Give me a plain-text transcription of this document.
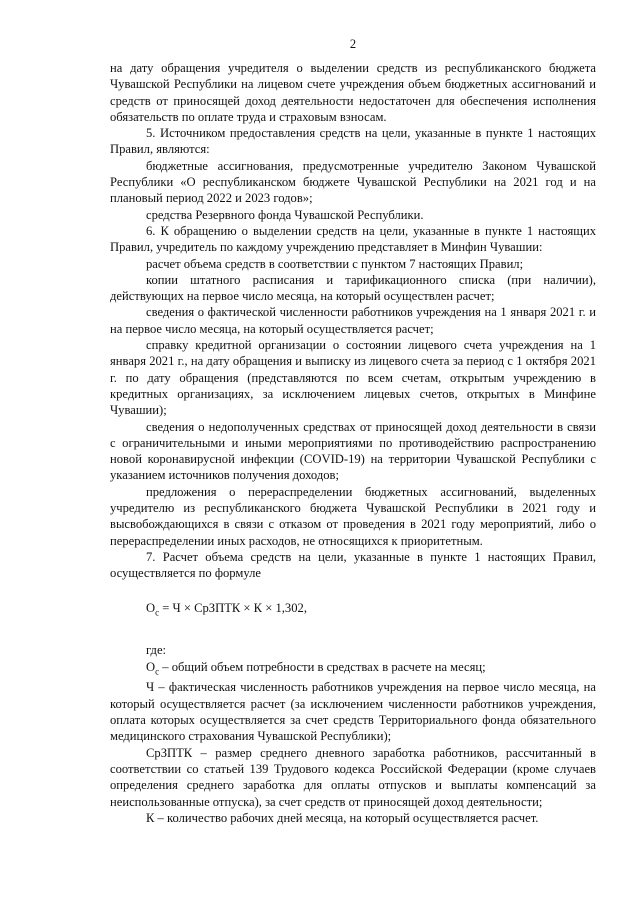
2

на дату обращения учредителя о выделении средств из республиканского бюджета Чувашской Республики на лицевом счете учреждения объем бюджетных ассигнований и средств от приносящей доход деятельности недостаточен для обеспечения исполнения обязательств по оплате труда и страховым взносам.

5. Источником предоставления средств на цели, указанные в пункте 1 настоящих Правил, являются:

бюджетные ассигнования, предусмотренные учредителю Законом Чувашской Республики «О республиканском бюджете Чувашской Республики на 2021 год и на плановый период 2022 и 2023 годов»;

средства Резервного фонда Чувашской Республики.

6. К обращению о выделении средств на цели, указанные в пункте 1 настоящих Правил, учредитель по каждому учреждению представляет в Минфин Чувашии:

расчет объема средств в соответствии с пунктом 7 настоящих Правил;

копии штатного расписания и тарификационного списка (при наличии), действующих на первое число месяца, на который осуществлен расчет;

сведения о фактической численности работников учреждения на 1 января 2021 г. и на первое число месяца, на который осуществляется расчет;

справку кредитной организации о состоянии лицевого счета учреждения на 1 января 2021 г., на дату обращения и выписку из лицевого счета за период с 1 октября 2021 г. по дату обращения (представляются по всем счетам, открытым учреждению в кредитных организациях, за исключением лицевых счетов, открытых в Минфине Чувашии);

сведения о недополученных средствах от приносящей доход деятельности в связи с ограничительными и иными мероприятиями по противодействию распространению новой коронавирусной инфекции (COVID-19) на территории Чувашской Республики с указанием источников получения доходов;

предложения о перераспределении бюджетных ассигнований, выделенных учредителю из республиканского бюджета Чувашской Республики в 2021 году и высвобождающихся в связи с отказом от проведения в 2021 году мероприятий, либо о перераспределении иных расходов, не относящихся к приоритетным.

7. Расчет объема средств на цели, указанные в пункте 1 настоящих Правил, осуществляется по формуле

$О_с = Ч$ × СрЗПТК × К × 1,302,

где:

$О_с$ – общий объем потребности в средствах в расчете на месяц;

Ч – фактическая численность работников учреждения на первое число месяца, на который осуществляется расчет (за исключением численности работников учреждения, оплата которых осуществляется за счет средств Территориального фонда обязательного медицинского страхования Чувашской Республики);

СрЗПТК – размер среднего дневного заработка работников, рассчитанный в соответствии со статьей 139 Трудового кодекса Российской Федерации (кроме случаев определения среднего заработка для оплаты отпусков и выплаты компенсаций за неиспользованные отпуска), за счет средств от приносящей доход деятельности;

К – количество рабочих дней месяца, на который осуществляется расчет.
